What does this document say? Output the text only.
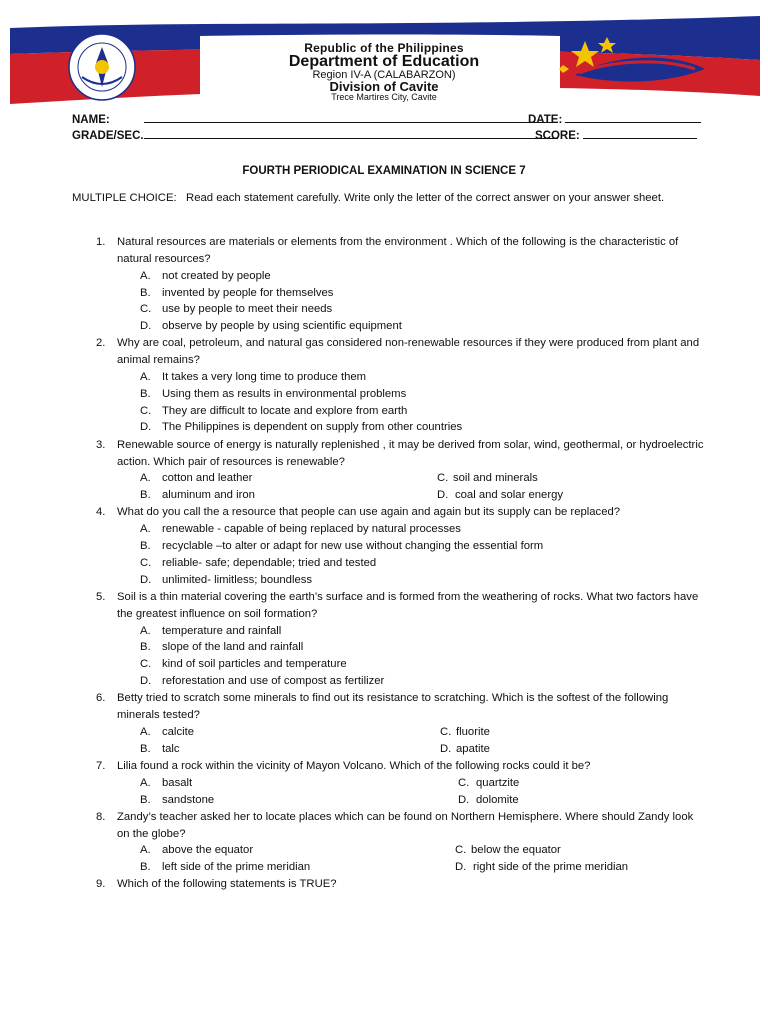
Republic of the Philippines
Department of Education
Region IV-A (CALABARZON)
Division of Cavite
Trece Martires City, Cavite
NAME:	DATE:
GRADE/SEC.	SCORE:
FOURTH PERIODICAL EXAMINATION IN SCIENCE 7
MULTIPLE CHOICE: Read each statement carefully. Write only the letter of the correct answer on your answer sheet.
1.	Natural resources are materials or elements from the environment . Which of the following is the characteristic of natural resources?
A. not created by people
B. invented by people for themselves
C. use by people to meet their needs
D. observe by people by using scientific equipment
2.	Why are coal, petroleum, and natural gas considered non-renewable resources if they were produced from plant and animal remains?
A. It takes a very long time to produce them
B. Using them as results in environmental problems
C. They are difficult to locate and explore from earth
D. The Philippines is dependent on supply from other countries
3.	Renewable source of energy is naturally replenished , it may be derived from solar, wind, geothermal, or hydroelectric action. Which pair of resources is renewable?
A. cotton and leather	C. soil and minerals
B. aluminum and iron	D. coal and solar energy
4.	What do you call the a resource that people can use again and again but its supply can be replaced?
A. renewable - capable of being replaced by natural processes
B. recyclable –to alter or adapt for new use without changing the essential form
C. reliable- safe; dependable; tried and tested
D. unlimited- limitless; boundless
5.	Soil is a thin material covering the earth’s surface and is formed from the weathering of rocks. What two factors have the greatest influence on soil formation?
A. temperature and rainfall
B. slope of the land and rainfall
C. kind of soil particles and temperature
D. reforestation and use of compost as fertilizer
6.	Betty tried to scratch some minerals to find out its resistance to scratching. Which is the softest of the following minerals tested?
A. calcite	C. fluorite
B. talc	D. apatite
7.	Lilia found a rock within the vicinity of Mayon Volcano. Which of the following rocks could it be?
A. basalt	C. quartzite
B. sandstone	D. dolomite
8.	Zandy’s teacher asked her to locate places which can be found on Northern Hemisphere. Where should Zandy look on the globe?
A. above the equator	C. below the equator
B. left side of the prime meridian	D. right side of the prime meridian
9.	Which of the following statements is TRUE?
